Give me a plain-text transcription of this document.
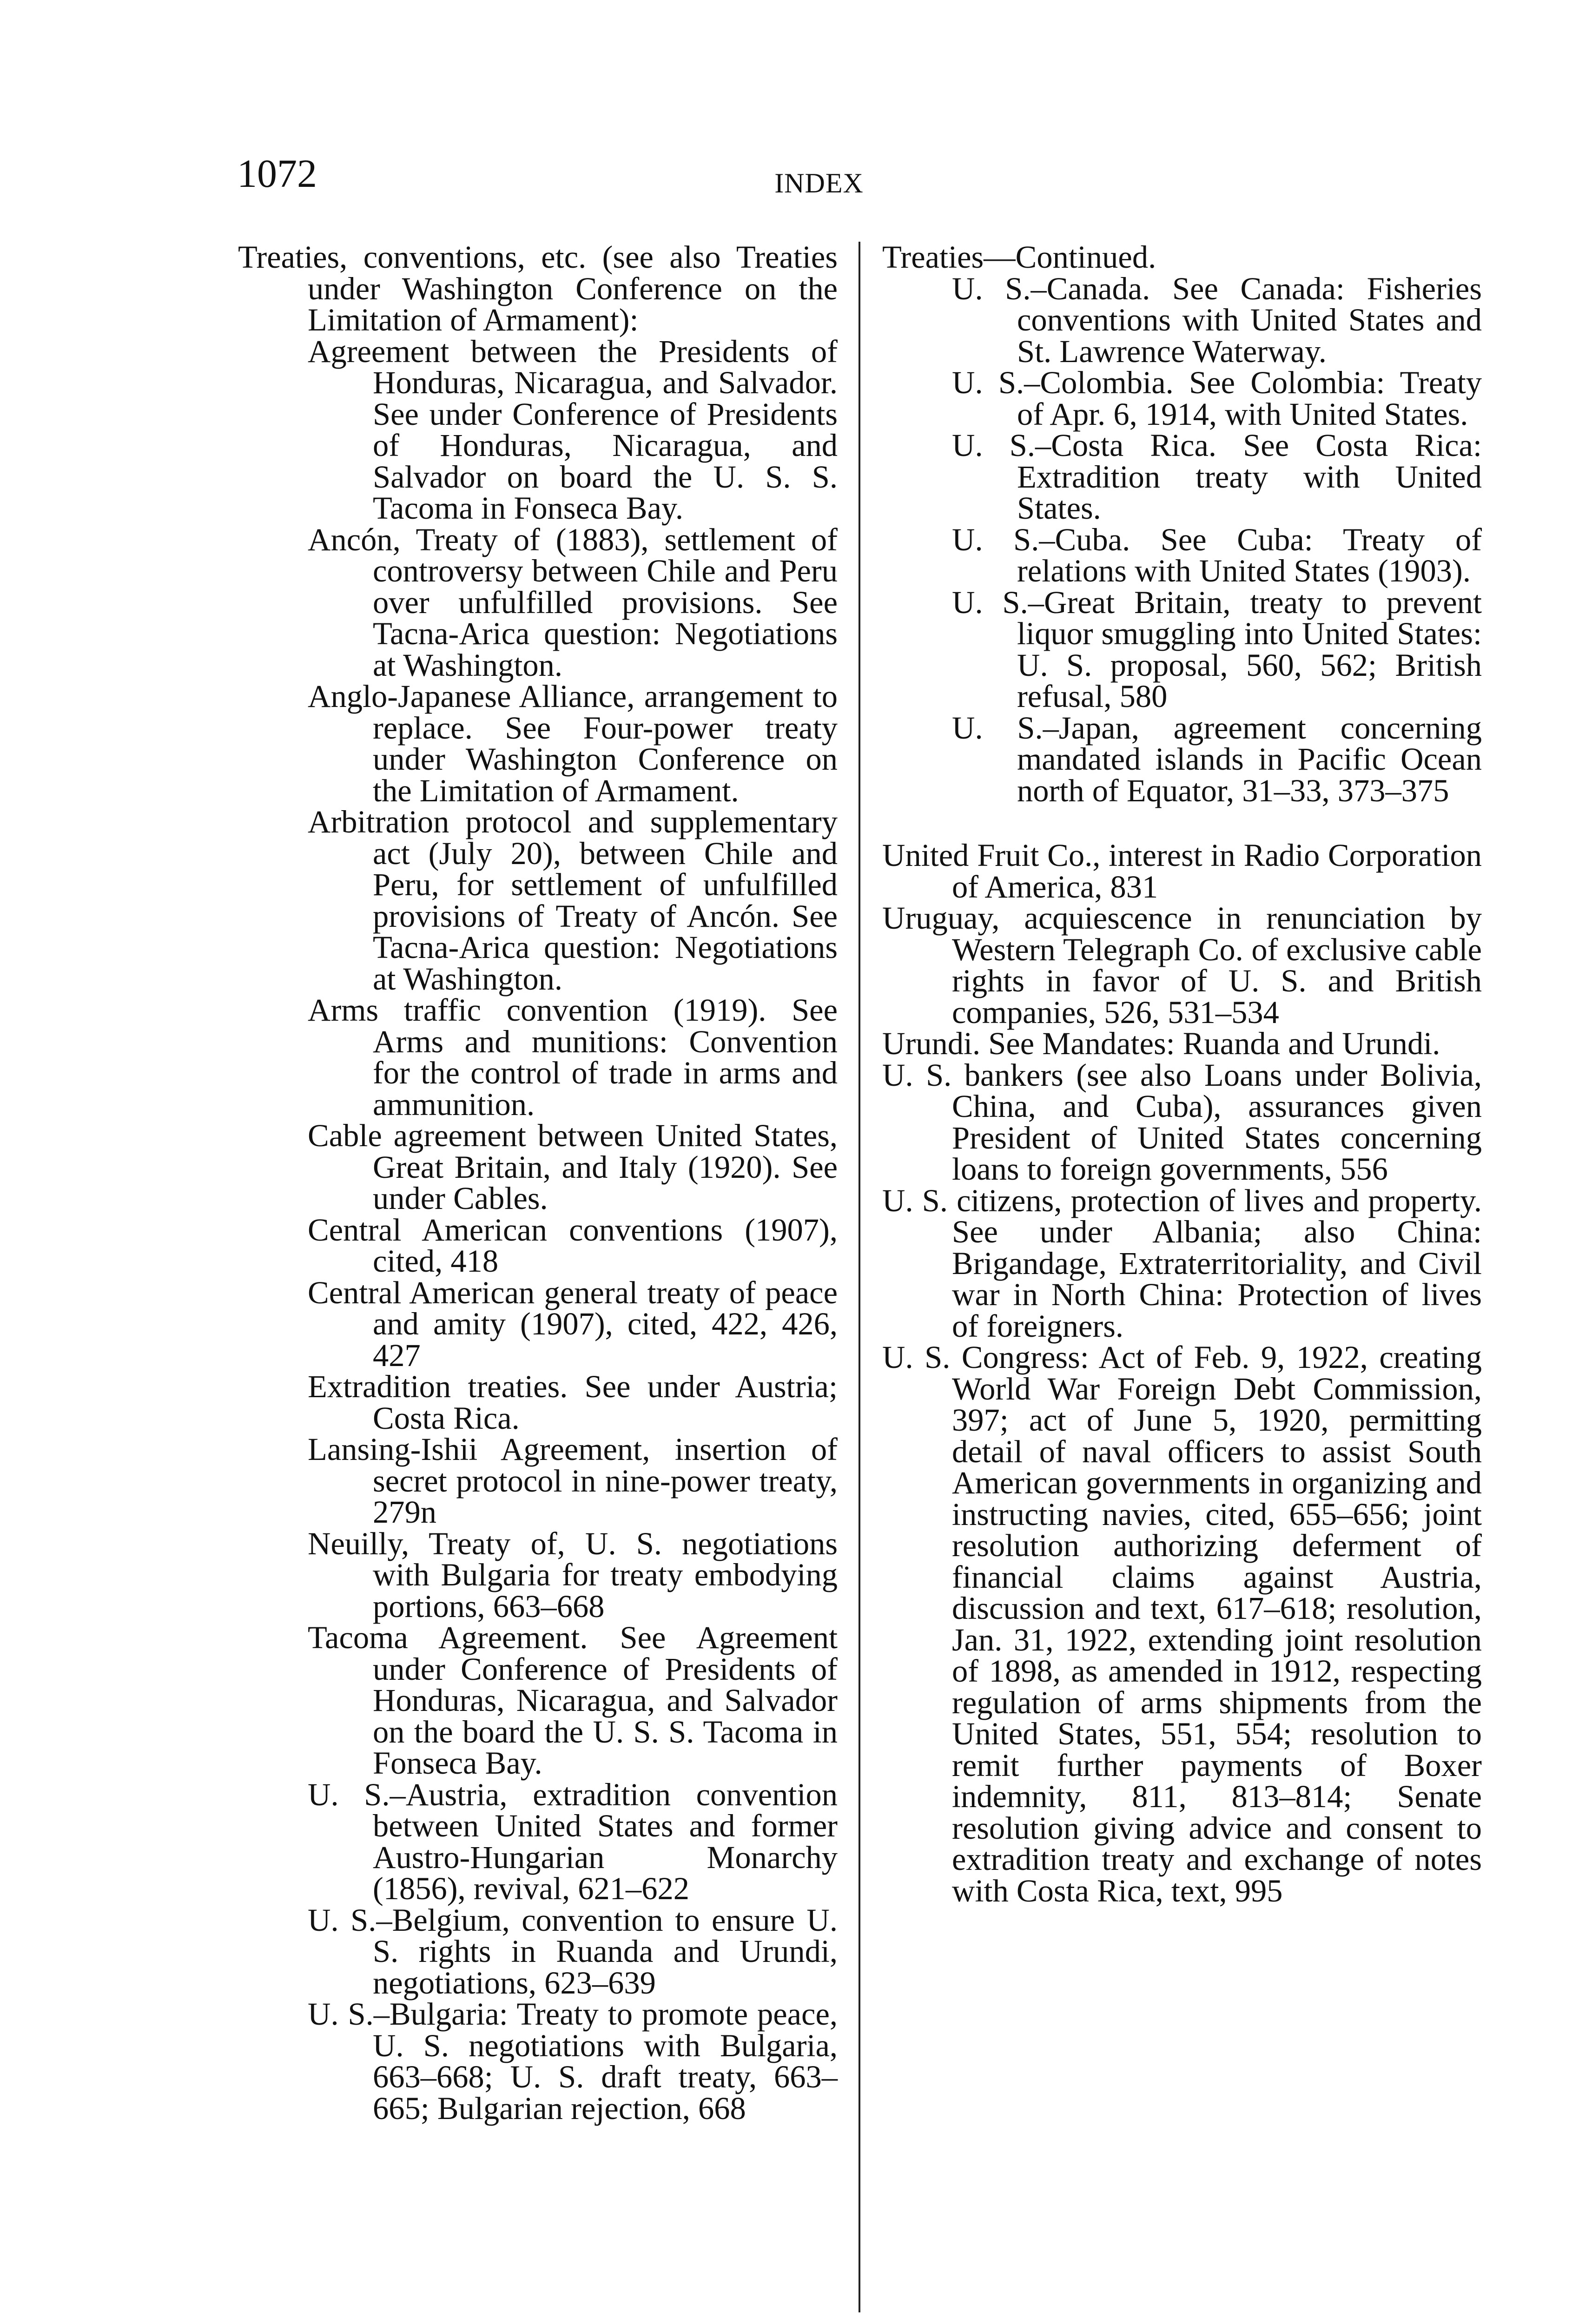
1072	INDEX

Treaties, conventions, etc. (see also Treaties under Washington Conference on the Limitation of Armament):

Agreement between the Presidents of Honduras, Nicaragua, and Salvador. See under Conference of Presidents of Honduras, Nicaragua, and Salvador on board the U. S. S. Tacoma in Fonseca Bay.

Ancón, Treaty of (1883), settlement of controversy between Chile and Peru over unfulfilled provisions. See Tacna-Arica question: Negotiations at Washington.

Anglo-Japanese Alliance, arrangement to replace. See Four-power treaty under Washington Conference on the Limitation of Armament.

Arbitration protocol and supplementary act (July 20), between Chile and Peru, for settlement of unfulfilled provisions of Treaty of Ancón. See Tacna-Arica question: Negotiations at Washington.

Arms traffic convention (1919). See Arms and munitions: Convention for the control of trade in arms and ammunition.

Cable agreement between United States, Great Britain, and Italy (1920). See under Cables.

Central American conventions (1907), cited, 418

Central American general treaty of peace and amity (1907), cited, 422, 426, 427

Extradition treaties. See under Austria; Costa Rica.

Lansing-Ishii Agreement, insertion of secret protocol in nine-power treaty, 279n

Neuilly, Treaty of, U. S. negotiations with Bulgaria for treaty embodying portions, 663–668

Tacoma Agreement. See Agreement under Conference of Presidents of Honduras, Nicaragua, and Salvador on the board the U. S. S. Tacoma in Fonseca Bay.

U. S.–Austria, extradition convention between United States and former Austro-Hungarian Monarchy (1856), revival, 621–622

U. S.–Belgium, convention to ensure U. S. rights in Ruanda and Urundi, negotiations, 623–639

U. S.–Bulgaria: Treaty to promote peace, U. S. negotiations with Bulgaria, 663–668; U. S. draft treaty, 663–665; Bulgarian rejection, 668

Treaties—Continued.

U. S.–Canada. See Canada: Fisheries conventions with United States and St. Lawrence Waterway.

U. S.–Colombia. See Colombia: Treaty of Apr. 6, 1914, with United States.

U. S.–Costa Rica. See Costa Rica: Extradition treaty with United States.

U. S.–Cuba. See Cuba: Treaty of relations with United States (1903).

U. S.–Great Britain, treaty to prevent liquor smuggling into United States: U. S. proposal, 560, 562; British refusal, 580

U. S.–Japan, agreement concerning mandated islands in Pacific Ocean north of Equator, 31–33, 373–375

United Fruit Co., interest in Radio Corporation of America, 831

Uruguay, acquiescence in renunciation by Western Telegraph Co. of exclusive cable rights in favor of U. S. and British companies, 526, 531–534

Urundi. See Mandates: Ruanda and Urundi.

U. S. bankers (see also Loans under Bolivia, China, and Cuba), assurances given President of United States concerning loans to foreign governments, 556

U. S. citizens, protection of lives and property. See under Albania; also China: Brigandage, Extraterritoriality, and Civil war in North China: Protection of lives of foreigners.

U. S. Congress: Act of Feb. 9, 1922, creating World War Foreign Debt Commission, 397; act of June 5, 1920, permitting detail of naval officers to assist South American governments in organizing and instructing navies, cited, 655–656; joint resolution authorizing deferment of financial claims against Austria, discussion and text, 617–618; resolution, Jan. 31, 1922, extending joint resolution of 1898, as amended in 1912, respecting regulation of arms shipments from the United States, 551, 554; resolution to remit further payments of Boxer indemnity, 811, 813–814; Senate resolution giving advice and consent to extradition treaty and exchange of notes with Costa Rica, text, 995
